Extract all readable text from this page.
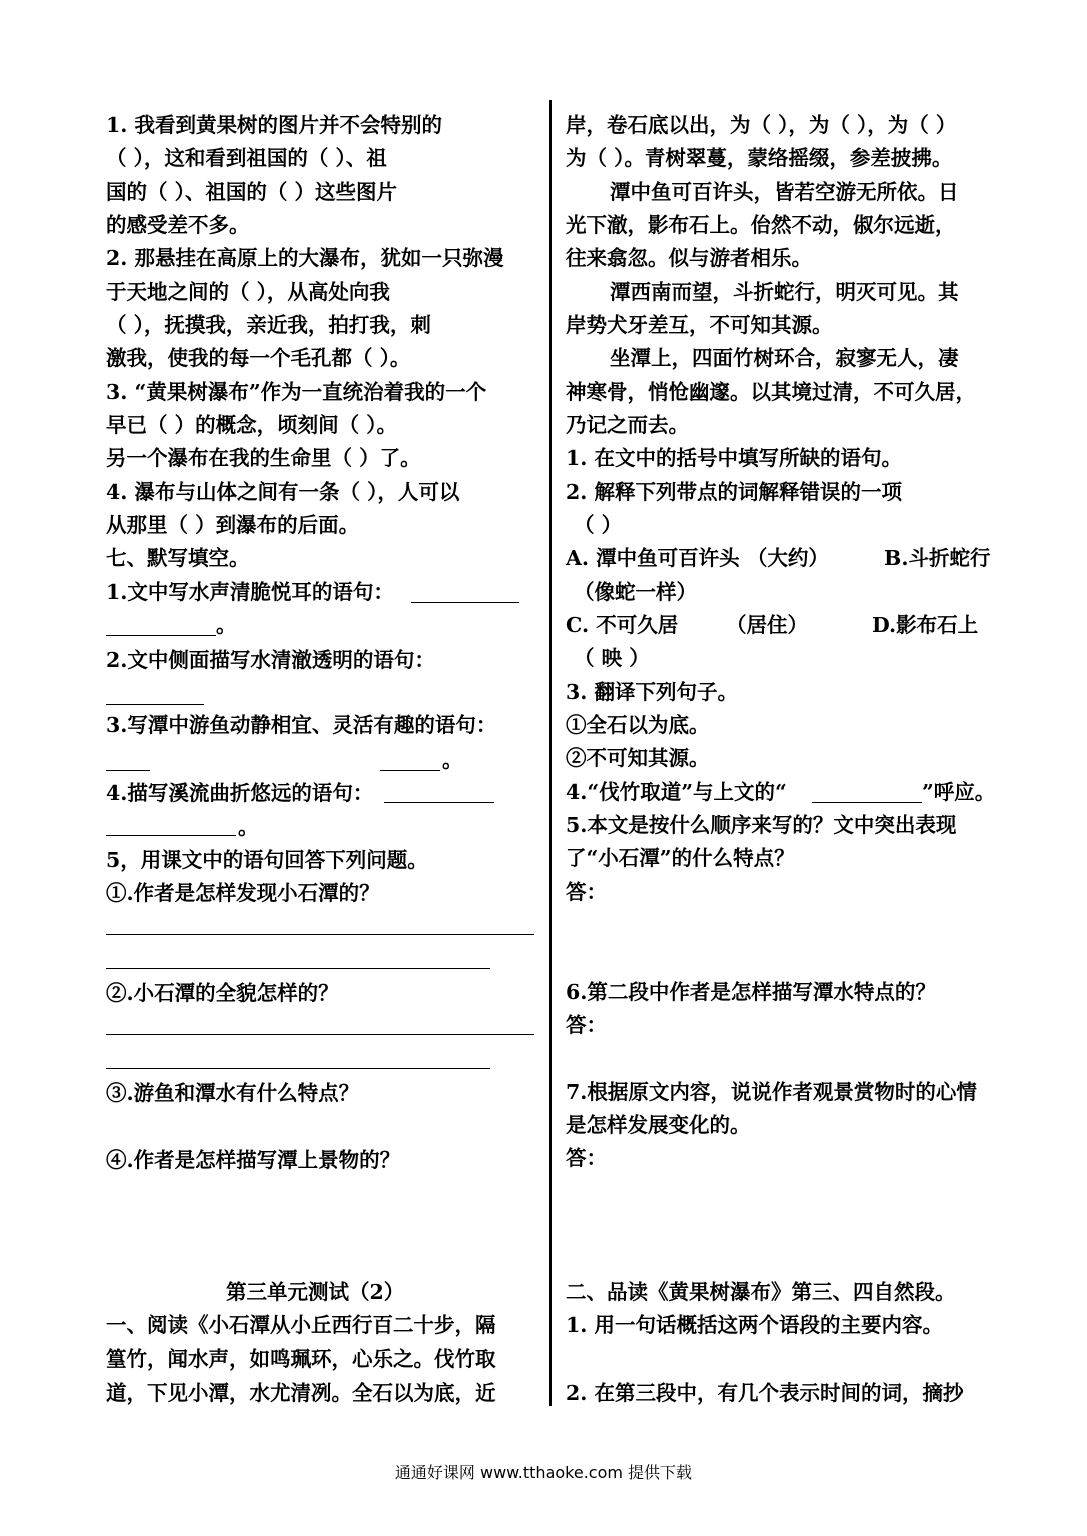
1. 我看到黄果树的图片并不会特别的
（ ），这和看到祖国的（ ）、祖
国的（ ）、祖国的（ ）这些图片
的感受差不多。
2. 那悬挂在高原上的大瀑布，犹如一只弥漫
于天地之间的（ ），从高处向我
（ ），抚摸我，亲近我，拍打我，刺
激我，使我的每一个毛孔都（ ）。
3. “黄果树瀑布”作为一直统治着我的一个
早已（ ）的概念，顷刻间（ ）。
另一个瀑布在我的生命里（ ）了。
4. 瀑布与山体之间有一条（ ），人可以
从那里（ ）到瀑布的后面。
七、默写填空。
1.文中写水声清脆悦耳的语句：
。
2.文中侧面描写水清澈透明的语句：
3.写潭中游鱼动静相宜、灵活有趣的语句：
。
4.描写溪流曲折悠远的语句：
。
5，用课文中的语句回答下列问题。
①.作者是怎样发现小石潭的？
②.小石潭的全貌怎样的？
③.游鱼和潭水有什么特点？
④.作者是怎样描写潭上景物的？
第三单元测试（2）
一、阅读《小石潭从小丘西行百二十步，隔
篁竹，闻水声，如鸣珮环，心乐之。伐竹取
道，下见小潭，水尤清冽。全石以为底，近
岸，卷石底以出，为（ ），为（ ），为（ ）
为（ ）。青树翠蔓，蒙络摇缀，参差披拂。
潭中鱼可百许头，皆若空游无所依。日
光下澈，影布石上。佁然不动，俶尔远逝，
往来翕忽。似与游者相乐。
潭西南而望，斗折蛇行，明灭可见。其
岸势犬牙差互，不可知其源。
坐潭上，四面竹树环合，寂寥无人，凄
神寒骨，悄怆幽邃。以其境过清，不可久居，
乃记之而去。
1. 在文中的括号中填写所缺的语句。
2. 解释下列带点的词解释错误的一项
（ ）
A. 潭中鱼可百许头 （大约）	B.斗折蛇行
（像蛇一样）
C. 不可久居 （居住）	D.影布石上
（ 映 ）
3. 翻译下列句子。
①全石以为底。
②不可知其源。
4.“伐竹取道”与上文的“	”呼应。
5.本文是按什么顺序来写的？文中突出表现
了“小石潭”的什么特点？
答：
6.第二段中作者是怎样描写潭水特点的？
答：
7.根据原文内容，说说作者观景赏物时的心情
是怎样发展变化的。
答：
二、品读《黄果树瀑布》第三、四自然段。
1. 用一句话概括这两个语段的主要内容。
2. 在第三段中，有几个表示时间的词，摘抄
通通好课网 www.tthaoke.com 提供下载
